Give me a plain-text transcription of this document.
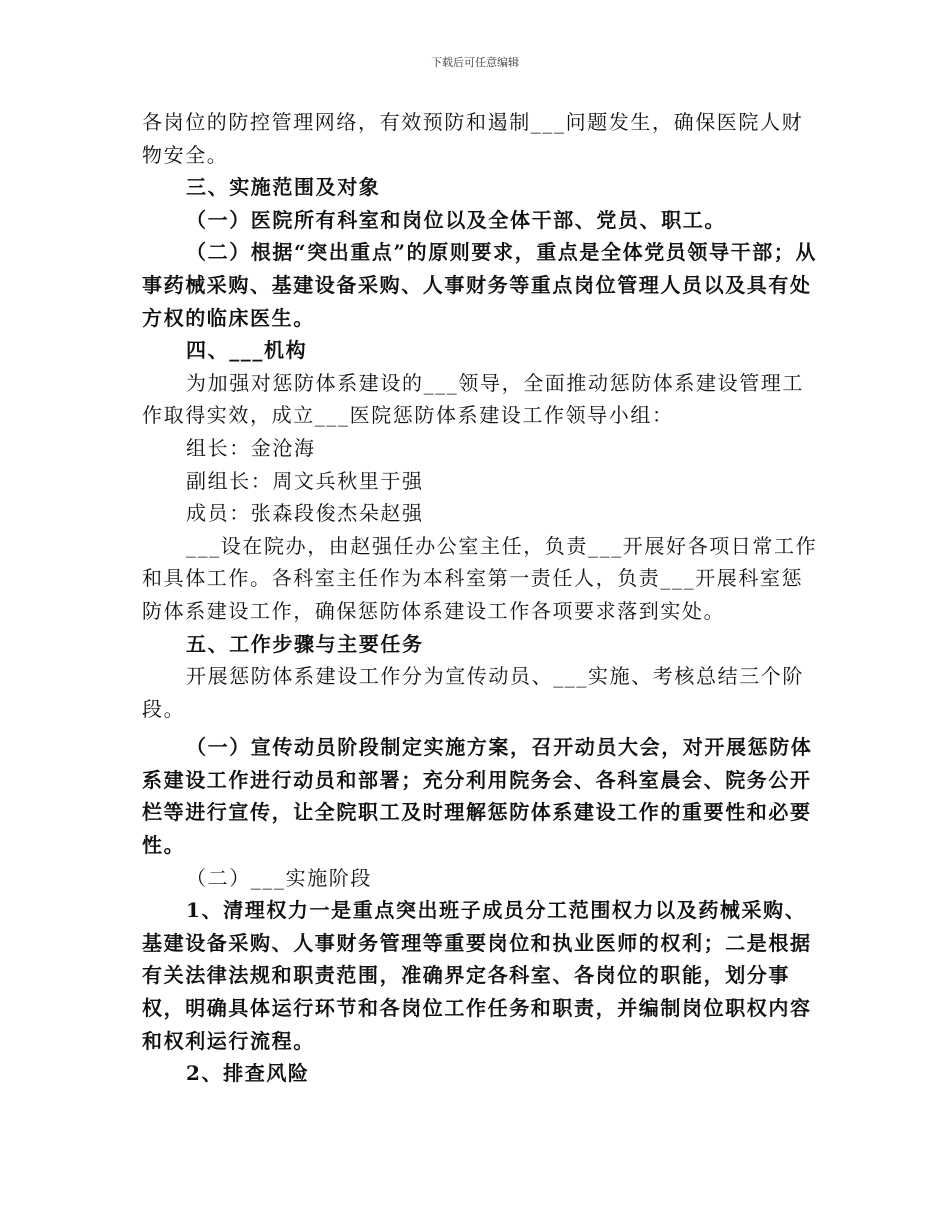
下载后可任意编辑

各岗位的防控管理网络，有效预防和遏制___问题发生，确保医院人财物安全。

三、实施范围及对象

（一）医院所有科室和岗位以及全体干部、党员、职工。

（二）根据“突出重点”的原则要求，重点是全体党员领导干部；从事药械采购、基建设备采购、人事财务等重点岗位管理人员以及具有处方权的临床医生。

四、___机构

为加强对惩防体系建设的___领导，全面推动惩防体系建设管理工作取得实效，成立___医院惩防体系建设工作领导小组：

组长：金沧海

副组长：周文兵秋里于强

成员：张森段俊杰朵赵强

___设在院办，由赵强任办公室主任，负责___开展好各项日常工作和具体工作。各科室主任作为本科室第一责任人，负责___开展科室惩防体系建设工作，确保惩防体系建设工作各项要求落到实处。

五、工作步骤与主要任务

开展惩防体系建设工作分为宣传动员、___实施、考核总结三个阶段。

（一）宣传动员阶段制定实施方案，召开动员大会，对开展惩防体系建设工作进行动员和部署；充分利用院务会、各科室晨会、院务公开栏等进行宣传，让全院职工及时理解惩防体系建设工作的重要性和必要性。

（二）___实施阶段

1、清理权力一是重点突出班子成员分工范围权力以及药械采购、基建设备采购、人事财务管理等重要岗位和执业医师的权利；二是根据有关法律法规和职责范围，准确界定各科室、各岗位的职能，划分事权，明确具体运行环节和各岗位工作任务和职责，并编制岗位职权内容和权利运行流程。

2、排查风险
